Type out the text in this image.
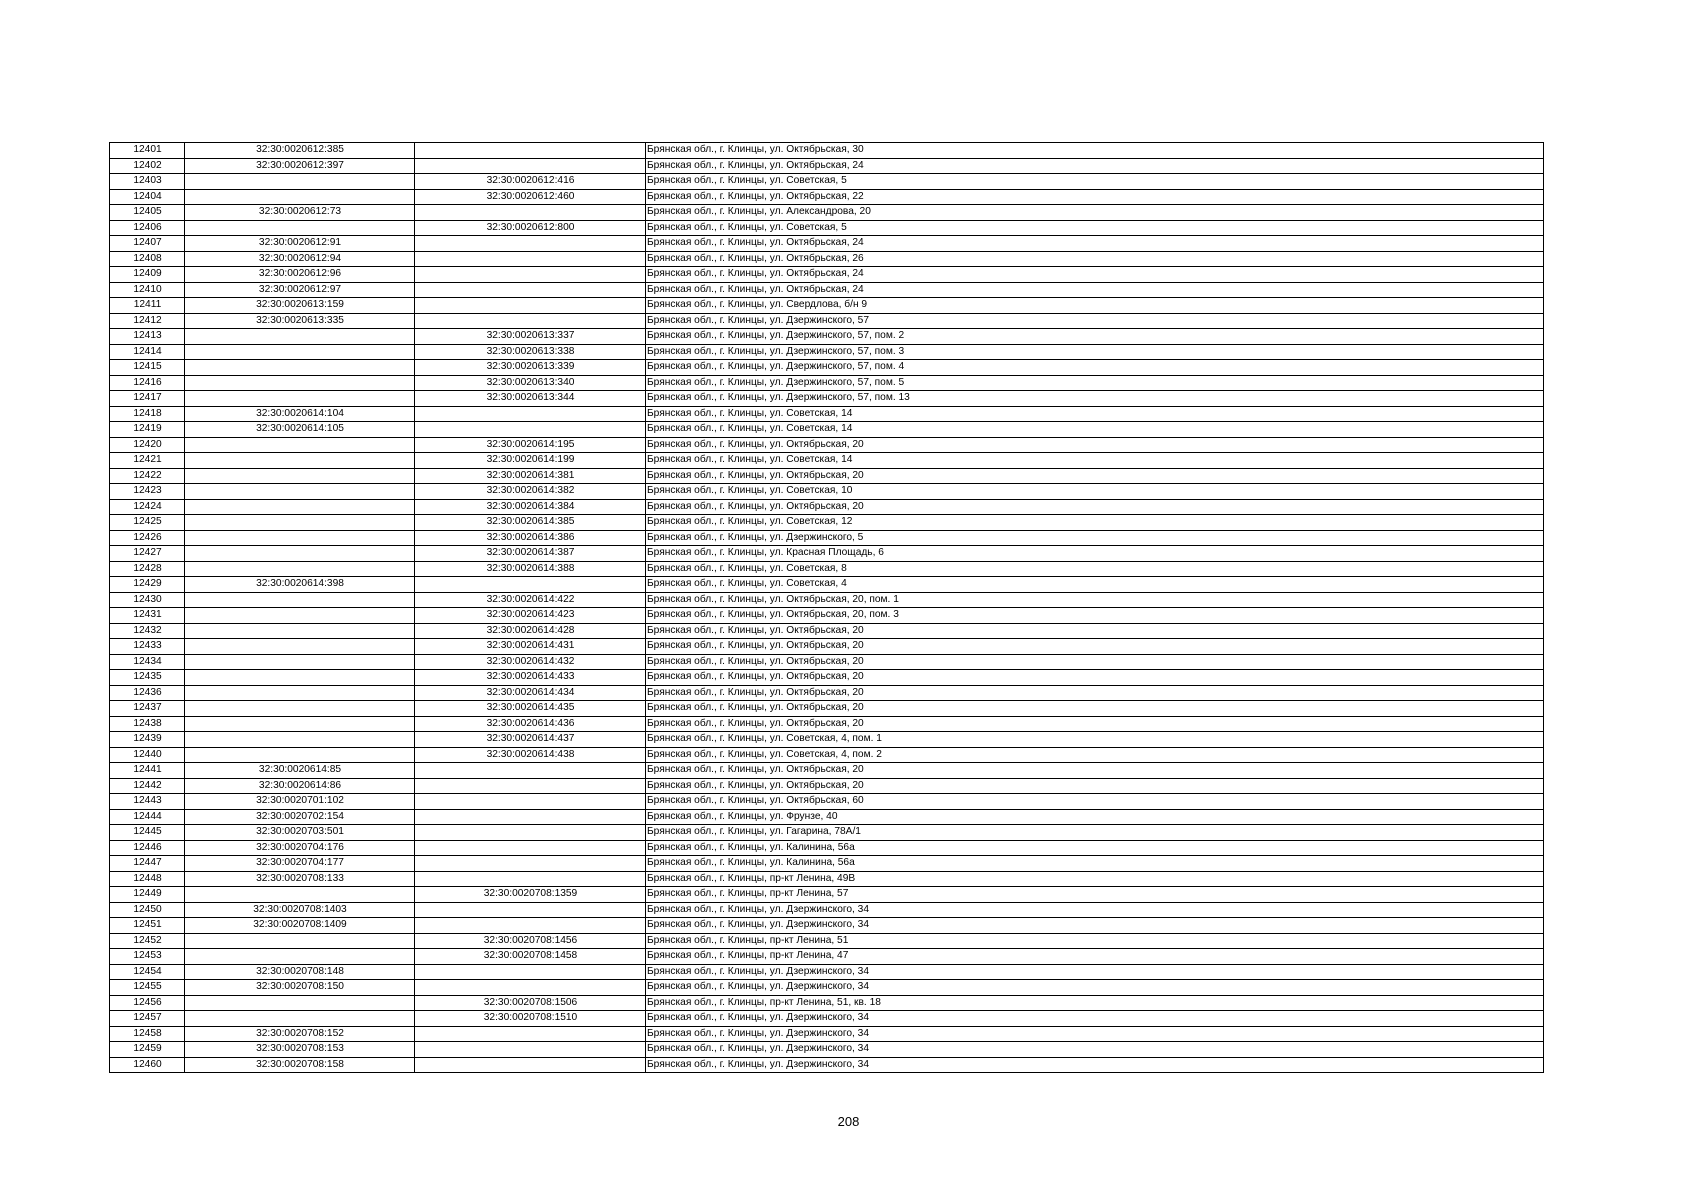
12401	32:30:0020612:385		Брянская обл., г. Клинцы, ул. Октябрьская, 30
12402	32:30:0020612:397		Брянская обл., г. Клинцы, ул. Октябрьская, 24
12403		32:30:0020612:416	Брянская обл., г. Клинцы, ул. Советская, 5
12404		32:30:0020612:460	Брянская обл., г. Клинцы, ул. Октябрьская, 22
12405	32:30:0020612:73		Брянская обл., г. Клинцы, ул. Александрова, 20
12406		32:30:0020612:800	Брянская обл., г. Клинцы, ул. Советская, 5
12407	32:30:0020612:91		Брянская обл., г. Клинцы, ул. Октябрьская, 24
12408	32:30:0020612:94		Брянская обл., г. Клинцы, ул. Октябрьская, 26
12409	32:30:0020612:96		Брянская обл., г. Клинцы, ул. Октябрьская, 24
12410	32:30:0020612:97		Брянская обл., г. Клинцы, ул. Октябрьская, 24
12411	32:30:0020613:159		Брянская обл., г. Клинцы, ул. Свердлова, б/н 9
12412	32:30:0020613:335		Брянская обл., г. Клинцы, ул. Дзержинского, 57
12413		32:30:0020613:337	Брянская обл., г. Клинцы, ул. Дзержинского, 57, пом. 2
12414		32:30:0020613:338	Брянская обл., г. Клинцы, ул. Дзержинского, 57, пом. 3
12415		32:30:0020613:339	Брянская обл., г. Клинцы, ул. Дзержинского, 57, пом. 4
12416		32:30:0020613:340	Брянская обл., г. Клинцы, ул. Дзержинского, 57, пом. 5
12417		32:30:0020613:344	Брянская обл., г. Клинцы, ул. Дзержинского, 57, пом. 13
12418	32:30:0020614:104		Брянская обл., г. Клинцы, ул. Советская, 14
12419	32:30:0020614:105		Брянская обл., г. Клинцы, ул. Советская, 14
12420		32:30:0020614:195	Брянская обл., г. Клинцы, ул. Октябрьская, 20
12421		32:30:0020614:199	Брянская обл., г. Клинцы, ул. Советская, 14
12422		32:30:0020614:381	Брянская обл., г. Клинцы, ул. Октябрьская, 20
12423		32:30:0020614:382	Брянская обл., г. Клинцы, ул. Советская, 10
12424		32:30:0020614:384	Брянская обл., г. Клинцы, ул. Октябрьская, 20
12425		32:30:0020614:385	Брянская обл., г. Клинцы, ул. Советская, 12
12426		32:30:0020614:386	Брянская обл., г. Клинцы, ул. Дзержинского, 5
12427		32:30:0020614:387	Брянская обл., г. Клинцы, ул. Красная Площадь, 6
12428		32:30:0020614:388	Брянская обл., г. Клинцы, ул. Советская, 8
12429	32:30:0020614:398		Брянская обл., г. Клинцы, ул. Советская, 4
12430		32:30:0020614:422	Брянская обл., г. Клинцы, ул. Октябрьская, 20, пом. 1
12431		32:30:0020614:423	Брянская обл., г. Клинцы, ул. Октябрьская, 20, пом. 3
12432		32:30:0020614:428	Брянская обл., г. Клинцы, ул. Октябрьская, 20
12433		32:30:0020614:431	Брянская обл., г. Клинцы, ул. Октябрьская, 20
12434		32:30:0020614:432	Брянская обл., г. Клинцы, ул. Октябрьская, 20
12435		32:30:0020614:433	Брянская обл., г. Клинцы, ул. Октябрьская, 20
12436		32:30:0020614:434	Брянская обл., г. Клинцы, ул. Октябрьская, 20
12437		32:30:0020614:435	Брянская обл., г. Клинцы, ул. Октябрьская, 20
12438		32:30:0020614:436	Брянская обл., г. Клинцы, ул. Октябрьская, 20
12439		32:30:0020614:437	Брянская обл., г. Клинцы, ул. Советская, 4, пом. 1
12440		32:30:0020614:438	Брянская обл., г. Клинцы, ул. Советская, 4, пом. 2
12441	32:30:0020614:85		Брянская обл., г. Клинцы, ул. Октябрьская, 20
12442	32:30:0020614:86		Брянская обл., г. Клинцы, ул. Октябрьская, 20
12443	32:30:0020701:102		Брянская обл., г. Клинцы, ул. Октябрьская, 60
12444	32:30:0020702:154		Брянская обл., г. Клинцы, ул. Фрунзе, 40
12445	32:30:0020703:501		Брянская обл., г. Клинцы, ул. Гагарина, 78А/1
12446	32:30:0020704:176		Брянская обл., г. Клинцы, ул. Калинина, 56а
12447	32:30:0020704:177		Брянская обл., г. Клинцы, ул. Калинина, 56а
12448	32:30:0020708:133		Брянская обл., г. Клинцы, пр-кт Ленина, 49В
12449		32:30:0020708:1359	Брянская обл., г. Клинцы, пр-кт Ленина, 57
12450	32:30:0020708:1403		Брянская обл., г. Клинцы, ул. Дзержинского, 34
12451	32:30:0020708:1409		Брянская обл., г. Клинцы, ул. Дзержинского, 34
12452		32:30:0020708:1456	Брянская обл., г. Клинцы, пр-кт Ленина, 51
12453		32:30:0020708:1458	Брянская обл., г. Клинцы, пр-кт Ленина, 47
12454	32:30:0020708:148		Брянская обл., г. Клинцы, ул. Дзержинского, 34
12455	32:30:0020708:150		Брянская обл., г. Клинцы, ул. Дзержинского, 34
12456		32:30:0020708:1506	Брянская обл., г. Клинцы, пр-кт Ленина, 51, кв. 18
12457		32:30:0020708:1510	Брянская обл., г. Клинцы, ул. Дзержинского, 34
12458	32:30:0020708:152		Брянская обл., г. Клинцы, ул. Дзержинского, 34
12459	32:30:0020708:153		Брянская обл., г. Клинцы, ул. Дзержинского, 34
12460	32:30:0020708:158		Брянская обл., г. Клинцы, ул. Дзержинского, 34
208
